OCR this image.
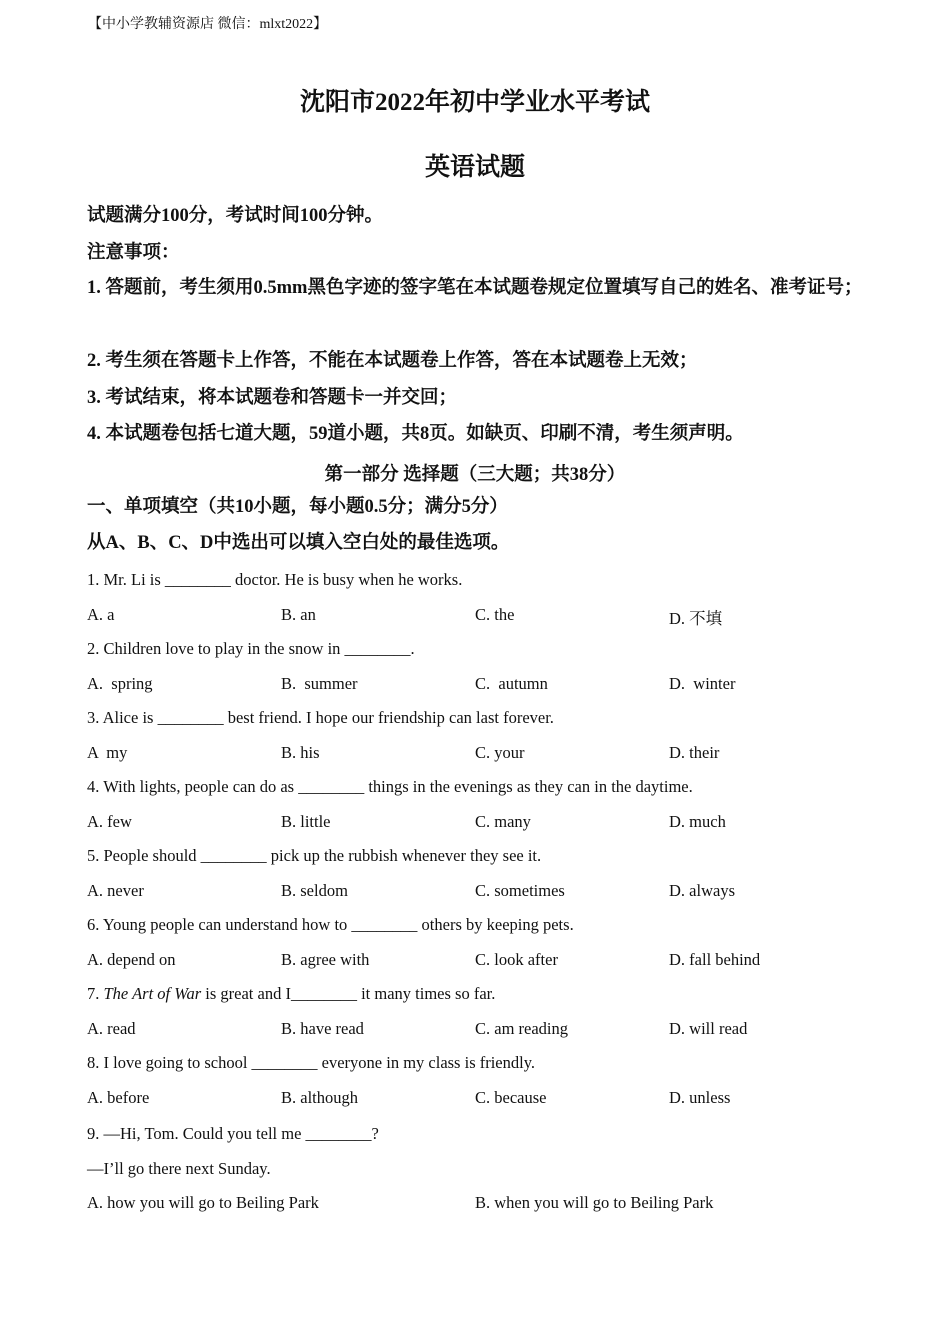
【中小学教辅资源店 微信：mlxt2022】
沈阳市2022年初中学业水平考试
英语试题
试题满分100分，考试时间100分钟。
注意事项：
1. 答题前，考生须用0.5mm黑色字迹的签字笔在本试题卷规定位置填写自己的姓名、准考证号；
2. 考生须在答题卡上作答，不能在本试题卷上作答，答在本试题卷上无效；
3. 考试结束，将本试题卷和答题卡一并交回；
4. 本试题卷包括七道大题，59道小题，共8页。如缺页、印刷不清，考生须声明。
第一部分 选择题（三大题；共38分）
一、单项填空（共10小题，每小题0.5分；满分5分）
从A、B、C、D中选出可以填入空白处的最佳选项。
1. Mr. Li is ________ doctor. He is busy when he works.
A. a	B. an	C. the	D. 不填
2. Children love to play in the snow in ________.
A.  spring	B.  summer	C.  autumn	D.  winter
3. Alice is ________ best friend. I hope our friendship can last forever.
A  my	B. his	C. your	D. their
4. With lights, people can do as ________ things in the evenings as they can in the daytime.
A. few	B. little	C. many	D. much
5. People should ________ pick up the rubbish whenever they see it.
A. never	B. seldom	C. sometimes	D. always
6. Young people can understand how to ________ others by keeping pets.
A. depend on	B. agree with	C. look after	D. fall behind
7. The Art of War is great and I________ it many times so far.
A. read	B. have read	C. am reading	D. will read
8. I love going to school ________ everyone in my class is friendly.
A. before	B. although	C. because	D. unless
9. —Hi, Tom. Could you tell me ________?
—I’ll go there next Sunday.
A. how you will go to Beiling Park	B. when you will go to Beiling Park
